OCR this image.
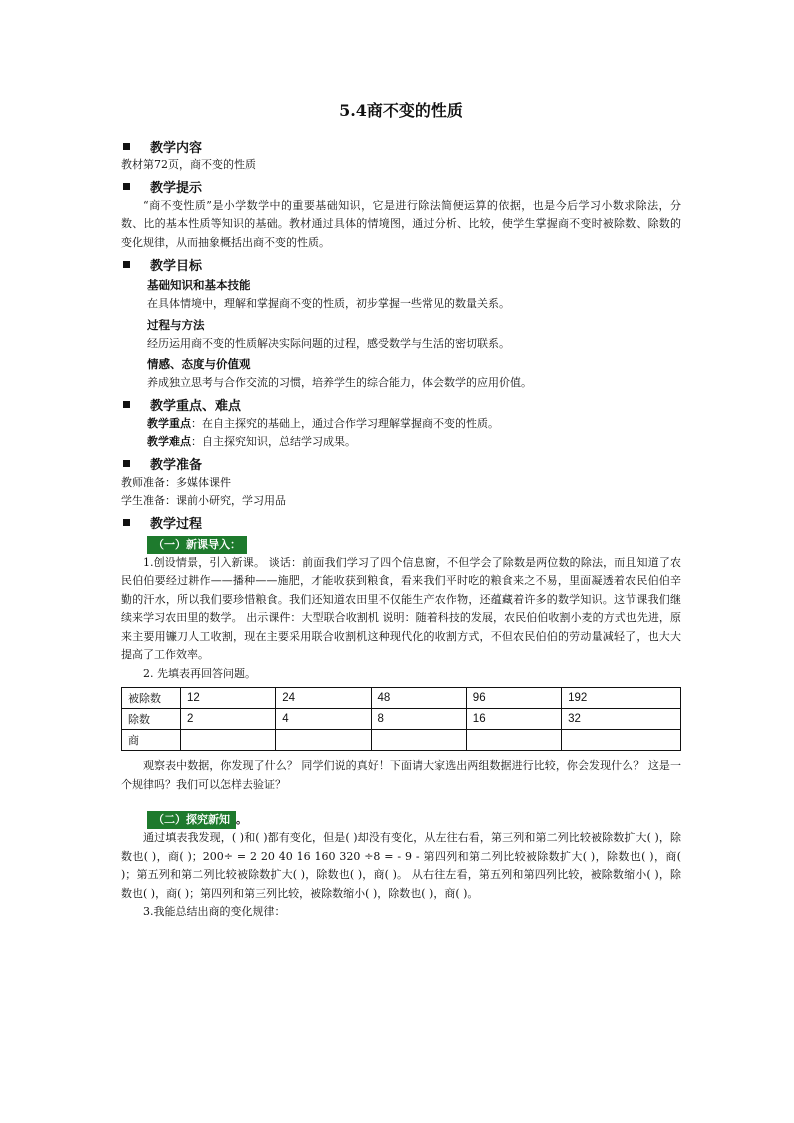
5.4商不变的性质
教学内容

教材第72页，商不变的性质

教学提示

“商不变性质”是小学数学中的重要基础知识，它是进行除法简便运算的依据，也是今后学习小数求除法，分数、比的基本性质等知识的基础。教材通过具体的情境图，通过分析、比较，使学生掌握商不变时被除数、除数的变化规律，从而抽象概括出商不变的性质。

教学目标
基础知识和基本技能

在具体情境中，理解和掌握商不变的性质，初步掌握一些常见的数量关系。

过程与方法

经历运用商不变的性质解决实际问题的过程，感受数学与生活的密切联系。

情感、态度与价值观

养成独立思考与合作交流的习惯，培养学生的综合能力，体会数学的应用价值。

教学重点、难点

教学重点：在自主探究的基础上，通过合作学习理解掌握商不变的性质。

教学难点：自主探究知识，总结学习成果。

教学准备

教师准备：多媒体课件

学生准备：课前小研究，学习用品

教学过程
（一）新课导入：

1.创设情景，引入新课。 谈话：前面我们学习了四个信息窗，不但学会了除数是两位数的除法，而且知道了农民伯伯要经过耕作——播种——施肥，才能收获到粮食，看来我们平时吃的粮食来之不易，里面凝透着农民伯伯辛勤的汗水，所以我们要珍惜粮食。我们还知道农田里不仅能生产农作物，还蕴藏着许多的数学知识。这节课我们继续来学习农田里的数学。 出示课件：大型联合收割机 说明：随着科技的发展，农民伯伯收割小麦的方式也先进，原来主要用镰刀人工收割，现在主要采用联合收割机这种现代化的收割方式，不但农民伯伯的劳动量减轻了，也大大提高了工作效率。

2. 先填表再回答问题。

被除数	12	24	48	96	192
除数	2	4	8	16	32
商					

观察表中数据，你发现了什么？ 同学们说的真好！下面请大家选出两组数据进行比较，你会发现什么？ 这是一个规律吗？我们可以怎样去验证？

（二）探究新知 。

通过填表我发现，( )和( )都有变化，但是( )却没有变化，从左往右看，第三列和第二列比较被除数扩大( )，除数也( )，商( )；200÷ = 2 20 40 16 160 320 ÷8 = - 9 - 第四列和第二列比较被除数扩大( )，除数也( )，商( )；第五列和第二列比较被除数扩大( )，除数也( )，商( )。 从右往左看，第五列和第四列比较，被除数缩小( )，除数也( )，商( )；第四列和第三列比较，被除数缩小( )，除数也( )，商( )。

3.我能总结出商的变化规律：
